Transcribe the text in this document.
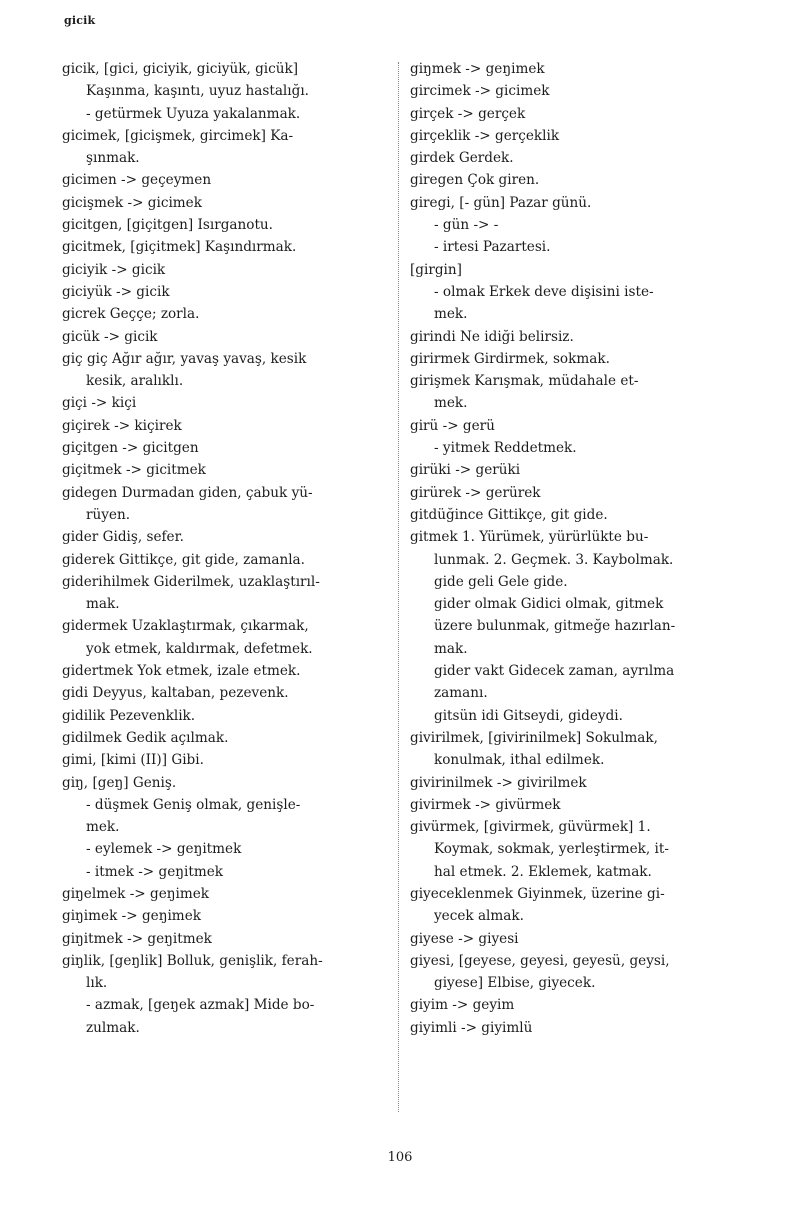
gicik
gicik, [gici, giciyik, giciyük, gicük]
Kaşınma, kaşıntı, uyuz hastalığı.
- getürmek Uyuza yakalanmak.
gicimek, [gicişmek, gircimek] Ka-
şınmak.
gicimen -> geçeymen
gicişmek -> gicimek
gicitgen, [giçitgen] Isırganotu.
gicitmek, [giçitmek] Kaşındırmak.
giciyik -> gicik
giciyük -> gicik
gicrek Geççe; zorla.
gicük -> gicik
giç giç Ağır ağır, yavaş yavaş, kesik
kesik, aralıklı.
giçi -> kiçi
giçirek -> kiçirek
giçitgen -> gicitgen
giçitmek -> gicitmek
gidegen Durmadan giden, çabuk yü-
rüyen.
gider Gidiş, sefer.
giderek Gittikçe, git gide, zamanla.
giderihilmek Giderilmek, uzaklaştırıl-
mak.
gidermek Uzaklaştırmak, çıkarmak,
yok etmek, kaldırmak, defetmek.
gidertmek Yok etmek, izale etmek.
gidi Deyyus, kaltaban, pezevenk.
gidilik Pezevenklik.
gidilmek Gedik açılmak.
gimi, [kimi (II)] Gibi.
giŋ, [geŋ] Geniş.
- düşmek Geniş olmak, genişle-
mek.
- eylemek -> geŋitmek
- itmek -> geŋitmek
giŋelmek -> geŋimek
giŋimek -> geŋimek
giŋitmek -> geŋitmek
giŋlik, [geŋlik] Bolluk, genişlik, ferah-
lık.
- azmak, [geŋek azmak] Mide bo-
zulmak.
giŋmek -> geŋimek
gircimek -> gicimek
girçek -> gerçek
girçeklik -> gerçeklik
girdek Gerdek.
giregen Çok giren.
giregi, [- gün] Pazar günü.
- gün -> -
- irtesi Pazartesi.
[girgin]
- olmak Erkek deve dişisini iste-
mek.
girindi Ne idiği belirsiz.
girirmek Girdirmek, sokmak.
girişmek Karışmak, müdahale et-
mek.
girü -> gerü
- yitmek Reddetmek.
girüki -> gerüki
girürek -> gerürek
gitdüğince Gittikçe, git gide.
gitmek 1. Yürümek, yürürlükte bu-
lunmak. 2. Geçmek. 3. Kaybolmak.
gide geli Gele gide.
gider olmak Gidici olmak, gitmek
üzere bulunmak, gitmeğe hazırlan-
mak.
gider vakt Gidecek zaman, ayrılma
zamanı.
gitsün idi Gitseydi, gideydi.
givirilmek, [givirinilmek] Sokulmak,
konulmak, ithal edilmek.
givirinilmek -> givirilmek
givirmek -> givürmek
givürmek, [givirmek, güvürmek] 1.
Koymak, sokmak, yerleştirmek, it-
hal etmek. 2. Eklemek, katmak.
giyeceklenmek Giyinmek, üzerine gi-
yecek almak.
giyese -> giyesi
giyesi, [geyese, geyesi, geyesü, geysi,
giyese] Elbise, giyecek.
giyim -> geyim
giyimli -> giyimlü
106
